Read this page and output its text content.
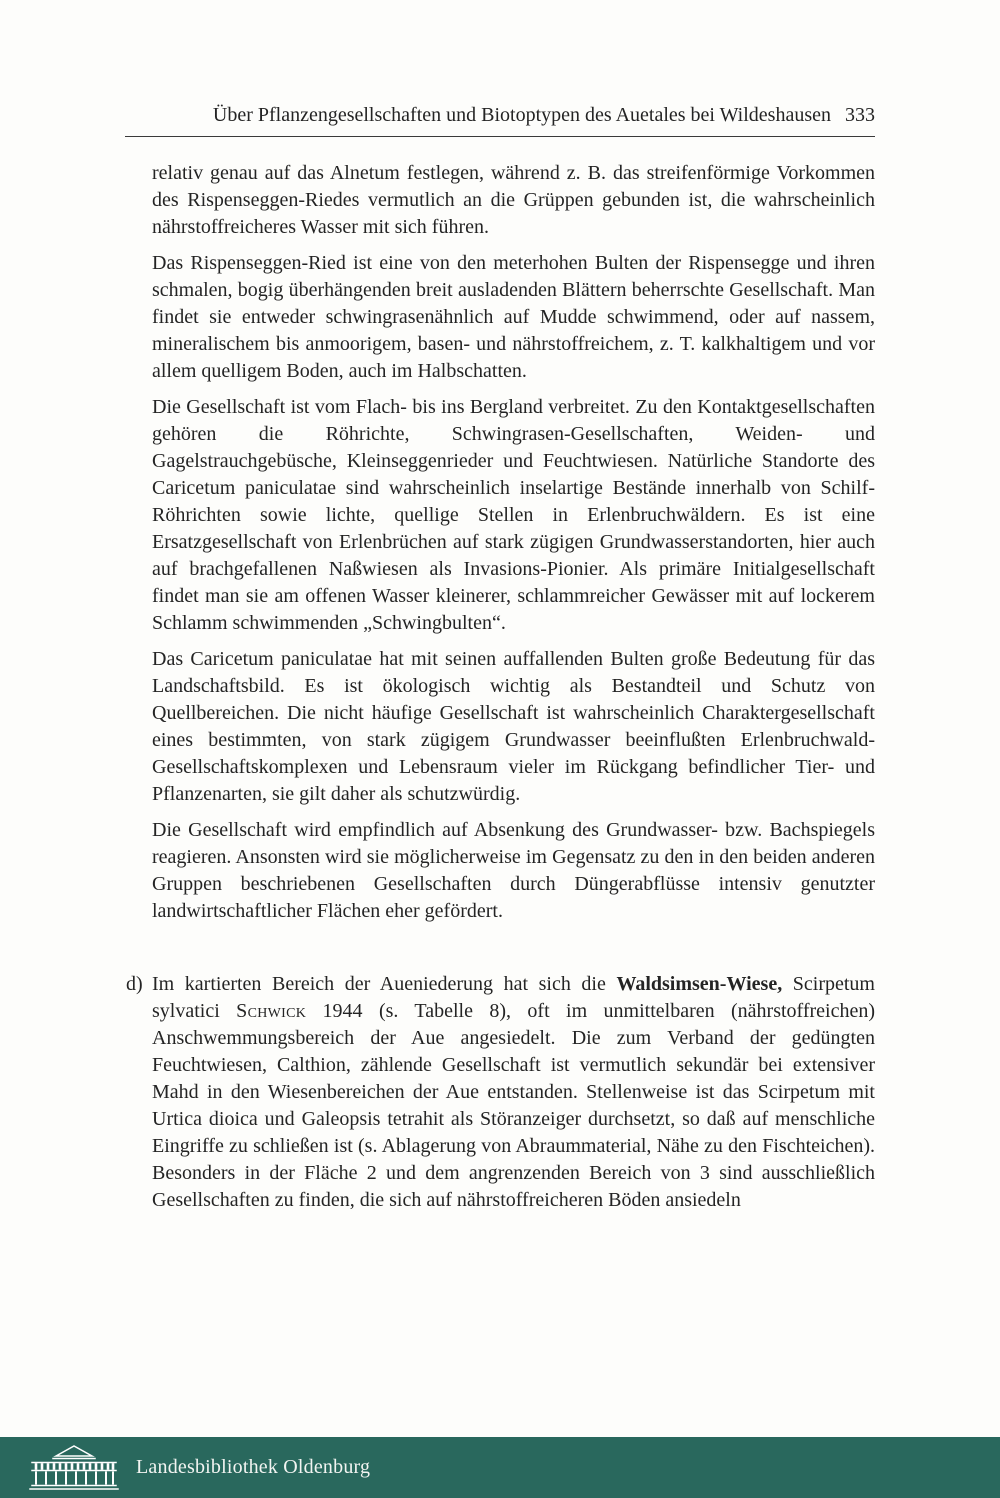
Über Pflanzengesellschaften und Biotoptypen des Auetales bei Wildeshausen 333

relativ genau auf das Alnetum festlegen, während z. B. das streifenförmige Vorkommen des Rispenseggen-Riedes vermutlich an die Grüppen gebunden ist, die wahrscheinlich nährstoffreicheres Wasser mit sich führen.

Das Rispenseggen-Ried ist eine von den meterhohen Bulten der Rispensegge und ihren schmalen, bogig überhängenden breit ausladenden Blättern beherrschte Gesellschaft. Man findet sie entweder schwingrasenähnlich auf Mudde schwimmend, oder auf nassem, mineralischem bis anmoorigem, basen- und nährstoffreichem, z. T. kalkhaltigem und vor allem quelligem Boden, auch im Halbschatten.

Die Gesellschaft ist vom Flach- bis ins Bergland verbreitet. Zu den Kontaktgesellschaften gehören die Röhrichte, Schwingrasen-Gesellschaften, Weiden- und Gagelstrauchgebüsche, Kleinseggenrieder und Feuchtwiesen. Natürliche Standorte des Caricetum paniculatae sind wahrscheinlich inselartige Bestände innerhalb von Schilf-Röhrichten sowie lichte, quellige Stellen in Erlenbruchwäldern. Es ist eine Ersatzgesellschaft von Erlenbrüchen auf stark zügigen Grundwasserstandorten, hier auch auf brachgefallenen Naßwiesen als Invasions-Pionier. Als primäre Initialgesellschaft findet man sie am offenen Wasser kleinerer, schlammreicher Gewässer mit auf lockerem Schlamm schwimmenden „Schwingbulten“.

Das Caricetum paniculatae hat mit seinen auffallenden Bulten große Bedeutung für das Landschaftsbild. Es ist ökologisch wichtig als Bestandteil und Schutz von Quellbereichen. Die nicht häufige Gesellschaft ist wahrscheinlich Charaktergesellschaft eines bestimmten, von stark zügigem Grundwasser beeinflußten Erlenbruchwald-Gesellschaftskomplexen und Lebensraum vieler im Rückgang befindlicher Tier- und Pflanzenarten, sie gilt daher als schutzwürdig.

Die Gesellschaft wird empfindlich auf Absenkung des Grundwasser- bzw. Bachspiegels reagieren. Ansonsten wird sie möglicherweise im Gegensatz zu den in den beiden anderen Gruppen beschriebenen Gesellschaften durch Düngerabflüsse intensiv genutzter landwirtschaftlicher Flächen eher gefördert.

d) Im kartierten Bereich der Aueniederung hat sich die Waldsimsen-Wiese, Scirpetum sylvatici Schwick 1944 (s. Tabelle 8), oft im unmittelbaren (nährstoffreichen) Anschwemmungsbereich der Aue angesiedelt. Die zum Verband der gedüngten Feuchtwiesen, Calthion, zählende Gesellschaft ist vermutlich sekundär bei extensiver Mahd in den Wiesenbereichen der Aue entstanden. Stellenweise ist das Scirpetum mit Urtica dioica und Galeopsis tetrahit als Störanzeiger durchsetzt, so daß auf menschliche Eingriffe zu schließen ist (s. Ablagerung von Abraummaterial, Nähe zu den Fischteichen). Besonders in der Fläche 2 und dem angrenzenden Bereich von 3 sind ausschließlich Gesellschaften zu finden, die sich auf nährstoffreicheren Böden ansiedeln

Landesbibliothek Oldenburg
